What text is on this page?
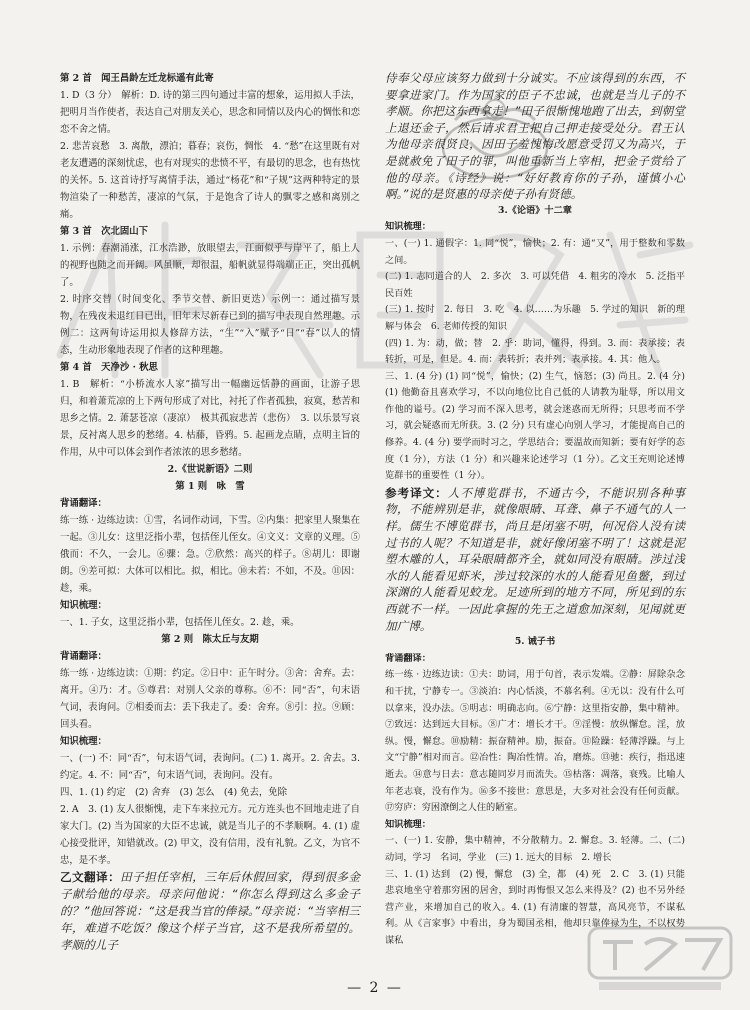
第 2 首　闻王昌龄左迁龙标遥有此寄

1. D（3 分）　解析：D. 诗的第三四句通过丰富的想象，运用拟人手法，把明月当作使者，表达自己对朋友关心，思念和同情以及内心的惆怅和恋恋不舍之情。

2. 悲苦哀愁　3. 离散，漂泊；暮春；哀伤，惆怅　4. “愁”在这里既有对老友遭遇的深刻忧虑，也有对现实的悲愤不平，有最切的思念，也有热忱的关怀。5. 这首诗抒写离情手法，通过“杨花”和“子规”这两种特定的景物渲染了一种愁苦，凄凉的气氛，于是饱含了诗人的飘零之感和离别之痛。

第 3 首　次北固山下

1. 示例：春潮涌涨，江水浩渺，放眼望去，江面似乎与岸平了，船上人的视野也随之而开阔。风虽顺，却很温，船帆就显得端端正正，突出孤帆了。

2. 时序交替（时间变化、季节交替、新旧更迭）示例一：通过描写景物，在残夜未退红日已出，旧年未尽新春已到的描写中表现自然理趣。示例二：这两句诗运用拟人修辞方法，“生”“入”赋予“日”“春”以人的情态，生动形象地表现了作者的这种理趣。

第 4 首　天净沙 · 秋思

1. B　解析：“小桥流水人家”描写出一幅幽远恬静的画面，让游子思归，和着萧荒凉的上下两句形成了对比，衬托了作者孤独，寂寞，愁苦和思乡之情。2. 萧瑟苍凉（凄凉）　极其孤寂悲苦（悲伤）　3. 以乐景写哀景，反衬离人思乡的愁绪。4. 枯藤，昏鸦。5. 起画龙点睛，点明主旨的作用，从中可以体会到作者浓浓的思乡愁绪。

2.《世说新语》二则

第 1 则　咏　雪

背诵翻译：

练一练 · 边练边读：①雪，名词作动词，下雪。②内集：把家里人聚集在一起。③儿女：这里泛指小辈，包括侄儿侄女。④文义：文章的义理。⑤俄而：不久，一会儿。⑥骤：急。⑦欣然：高兴的样子。⑧胡儿：即谢朗。⑨差可拟：大体可以相比。拟，相比。⑩未若：不如，不及。⑪因：趁，乘。

知识梳理：

一、1. 子女，这里泛指小辈，包括侄儿侄女。2. 趁，乘。

第 2 则　陈太丘与友期

背诵翻译：

练一练 · 边练边读：①期：约定。②日中：正午时分。③舍：舍弃。去：离开。④乃：才。⑤尊君：对别人父亲的尊称。⑥不：同“否”，句末语气词，表询问。⑦相委而去：丢下我走了。委：舍弃。⑧引：拉。⑨顾：回头看。

知识梳理：

一、(一) 不：同“否”，句末语气词，表询问。(二) 1. 离开。2. 舍去。3. 约定。4. 不：同“否”，句末语气词，表询问。没有。

四、1. (1) 约定　(2) 舍弃　(3) 怎么　(4) 免去，免除

2. A　3. (1) 友人很惭愧，走下车来拉元方。元方连头也不回地走进了自家大门。(2) 当为国家的大臣不忠诚，就是当儿子的不孝顺啊。4. (1) 虚心接受批评，知错就改。(2) 甲文，没有信用，没有礼貌。乙文，为官不忠，是不孝。

乙文翻译：田子担任宰相，三年后休假回家，得到很多金子献给他的母亲。母亲问他说：“你怎么得到这么多金子的？”他回答说：“这是我当官的俸禄。”母亲说：“当宰相三年，难道不吃饭？像这个样子当官，这不是我所希望的。孝顺的儿子

侍奉父母应该努力做到十分诚实。不应该得到的东西，不要拿进家门。作为国家的臣子不忠诚，也就是当儿子的不孝顺。你把这东西拿走！”田子很惭愧地跑了出去，到朝堂上退还金子，然后请求君王把自己押走接受处分。君王认为他母亲很贤良，因田子羞愧悔改愿意受罚又为高兴，于是就赦免了田子的罪，叫他重新当上宰相，把金子赏给了他的母亲。《诗经》说：“好好教育你的子孙，谨慎小心啊。”说的是贤惠的母亲使子孙有贤德。

3.《论语》十二章

知识梳理：

一、(一) 1. 通假字：1. 同“悦”，愉快；2. 有：通“又”，用于整数和零数之间。

(二) 1. 志同道合的人　2. 多次　3. 可以凭借　4. 粗劣的冷水　5. 泛指平民百姓

(三) 1. 按时　2. 每日　3. 吃　4. 以……为乐趣　5. 学过的知识　新的理解与体会　6. 老师传授的知识

(四) 1. 为：动，做；替　2. 乎：助词，懂得，得到。3. 而：表承接；表转折，可是，但是。4. 而：表转折；表并列；表承接。4. 其：他人。

三、1. (4 分) (1) 同“悦”，愉快；(2) 生气，恼怒；(3) 尚且。2. (4 分) (1) 他勤奋且喜欢学习，不以向地位比自己低的人请教为耻辱，所以用文作他的谥号。(2) 学习而不深入思考，就会迷惑而无所得；只思考而不学习，就会疑惑而无所获。3. (2 分) 只有虚心向别人学习，才能提高自己的修养。4. (4 分) 要学而时习之，学思结合；要温故而知新；要有好学的态度（1 分），方法（1 分）和兴趣来论述学习（1 分）。乙文王充则论述博览群书的重要性（1 分）。

参考译文：人不博览群书，不通古今，不能识别各种事物，不能辨别是非，就像眼睛、耳聋、鼻子不通气的人一样。儒生不博览群书，尚且是闭塞不明，何况俗人没有读过书的人呢？不知道是非，就好像闭塞不明了！这就是泥塑木雕的人，耳朵眼睛都齐全，就如同没有眼睛。涉过浅水的人能看见虾米，涉过较深的水的人能看见鱼鳖，到过深渊的人能看见蛟龙。足迹所到的地方不同，所见到的东西就不一样。一因此拿握的先王之道愈加深刻，见闻就更加广博。

5. 诫子书

背诵翻译：

练一练 · 边练边读：①夫：助词，用于句首，表示发端。②静：屏除杂念和干扰，宁静专一。③淡泊：内心恬淡，不慕名利。④无以：没有什么可以拿来，没办法。⑤明志：明确志向。⑥宁静：这里指安静，集中精神。⑦致远：达到远大目标。⑧广才：增长才干。⑨淫慢：放纵懈怠。淫，放纵。慢，懈怠。⑩励精：振奋精神。励，振奋。⑪险躁：轻薄浮躁。与上文“宁静”相对而言。⑫冶性：陶冶性情。冶，磨炼。⑬驰：疾行，指迅速逝去。⑭意与日去：意志随同岁月而流失。⑮枯落：凋落，衰残。比喻人年老志衰，没有作为。⑯多不接世：意思是，大多对社会没有任何贡献。⑰穷庐：穷困潦倒之人住的陋室。

知识梳理：

一、(一) 1. 安静，集中精神，不分散精力。2. 懈怠。3. 轻薄。二、(二) 动词，学习　名词，学业　(三) 1. 远大的目标　2. 增长

三、1. (1) 达到　(2) 慢，懈怠　(3) 全，都　(4) 死　2. C　3. (1) 只能悲哀地坐守着那穷困的居舍，到时再悔恨又怎么来得及？(2) 也不另外经营产业，来增加自己的收入。4. (1) 有清廉的智慧，高风亮节，不谋私利。从《言家事》中看出，身为蜀国丞相，他却只靠俸禄为生，不以权势谋私

— 2 —
